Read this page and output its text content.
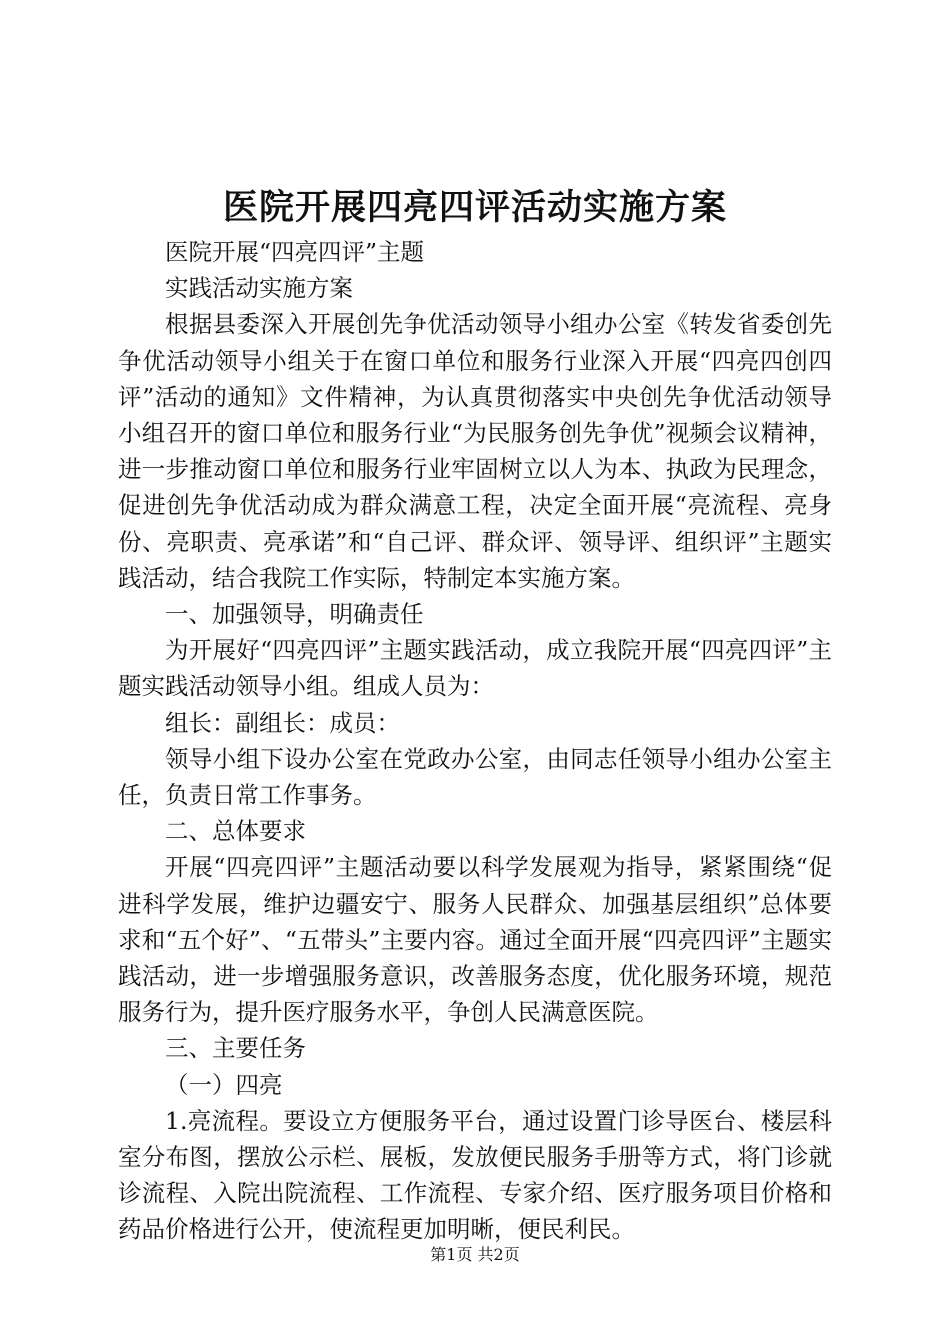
医院开展四亮四评活动实施方案

医院开展“四亮四评”主题

实践活动实施方案

根据县委深入开展创先争优活动领导小组办公室《转发省委创先争优活动领导小组关于在窗口单位和服务行业深入开展“四亮四创四评”活动的通知》文件精神，为认真贯彻落实中央创先争优活动领导小组召开的窗口单位和服务行业“为民服务创先争优”视频会议精神，进一步推动窗口单位和服务行业牢固树立以人为本、执政为民理念，促进创先争优活动成为群众满意工程，决定全面开展“亮流程、亮身份、亮职责、亮承诺”和“自己评、群众评、领导评、组织评”主题实践活动，结合我院工作实际，特制定本实施方案。

一、加强领导，明确责任

为开展好“四亮四评”主题实践活动，成立我院开展“四亮四评”主题实践活动领导小组。组成人员为：

组长：副组长：成员：

领导小组下设办公室在党政办公室，由同志任领导小组办公室主任，负责日常工作事务。

二、总体要求

开展“四亮四评”主题活动要以科学发展观为指导，紧紧围绕“促进科学发展，维护边疆安宁、服务人民群众、加强基层组织”总体要求和“五个好”、“五带头”主要内容。通过全面开展“四亮四评”主题实践活动，进一步增强服务意识，改善服务态度，优化服务环境，规范服务行为，提升医疗服务水平，争创人民满意医院。

三、主要任务

（一）四亮

1.亮流程。要设立方便服务平台，通过设置门诊导医台、楼层科室分布图，摆放公示栏、展板，发放便民服务手册等方式，将门诊就诊流程、入院出院流程、工作流程、专家介绍、医疗服务项目价格和药品价格进行公开，使流程更加明晰，便民利民。

第1页 共2页
